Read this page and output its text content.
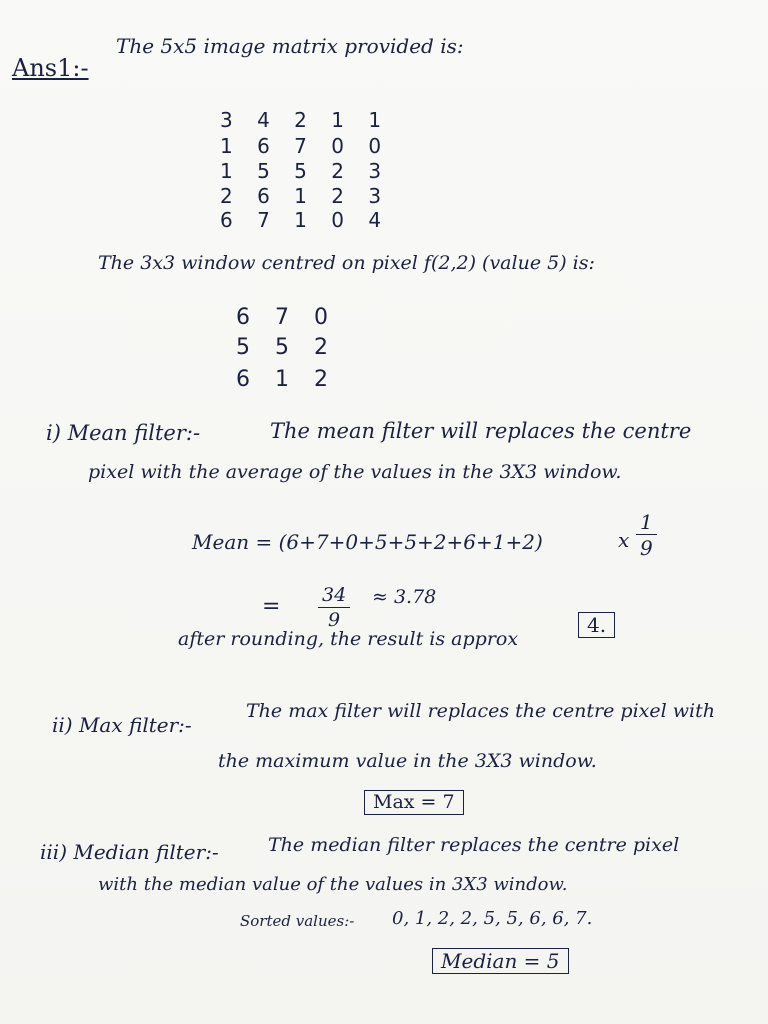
Ans1:-
The 5x5 image matrix provided is:
3 4 2 1 1
1 6 7 0 0
1 5 5 2 3
2 6 1 2 3
6 7 1 0 4
The 3x3 window centred on pixel f(2,2) (value 5) is:
6 7 0
5 5 2
6 1 2
i) Mean filter:-	The mean filter will replaces the centre
pixel with the average of the values in the 3X3 window.
Mean = (6+7+0+5+5+2+6+1+2)	x $\frac{1}{9}$
= $\frac{34}{9} \approx 3.78$
after rounding, the result is approx
4.
ii) Max filter:-
The max filter will replaces the centre pixel with
the maximum value in the 3X3 window.
Max = 7
iii) Median filter:-	The median filter replaces the centre pixel
with the median value of the values in 3X3 window.
Sorted values:- 0, 1, 2, 2, 5, 5, 6, 6, 7.
Median = 5
